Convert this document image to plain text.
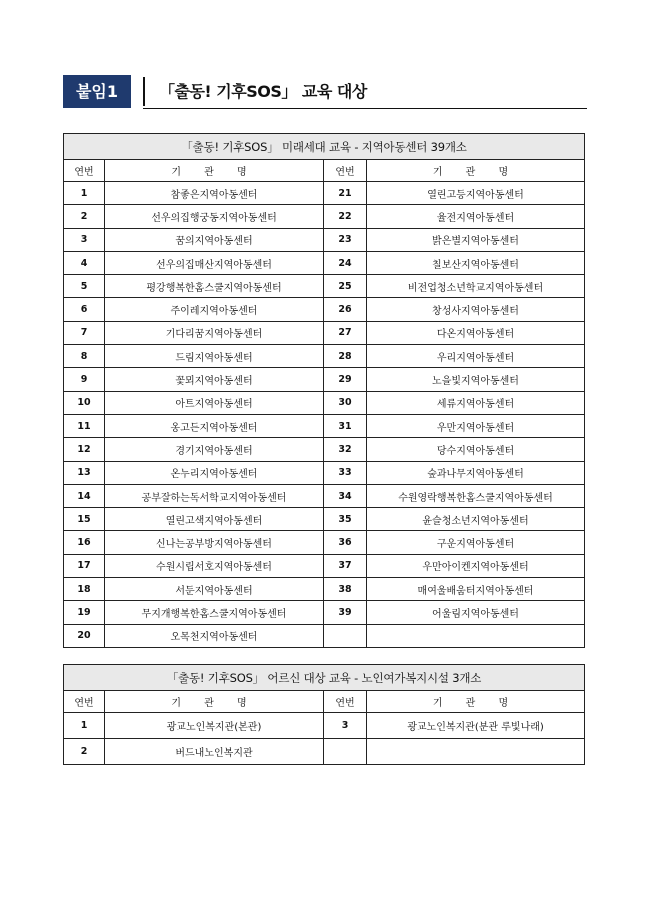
붙임1	「출동! 기후SOS」 교육 대상
「출동! 기후SOS」 미래세대 교육 - 지역아동센터 39개소			
연번	기 관 명	연번	기 관 명
1	참좋은지역아동센터	21	열린고등지역아동센터
2	선우의집행궁동지역아동센터	22	율전지역아동센터
3	꿈의지역아동센터	23	밝은별지역아동센터
4	선우의집매산지역아동센터	24	칠보산지역아동센터
5	평강행복한홈스쿨지역아동센터	25	비전업청소년학교지역아동센터
6	주이레지역아동센터	26	창성사지역아동센터
7	기다리꿈지역아동센터	27	다온지역아동센터
8	드림지역아동센터	28	우리지역아동센터
9	꽃뫼지역아동센터	29	노을빛지역아동센터
10	아트지역아동센터	30	세류지역아동센터
11	옹고든지역아동센터	31	우만지역아동센터
12	경기지역아동센터	32	당수지역아동센터
13	온누리지역아동센터	33	숲과나무지역아동센터
14	공부잘하는독서학교지역아동센터	34	수원영락행복한홈스쿨지역아동센터
15	열린고색지역아동센터	35	윤슬청소년지역아동센터
16	신나는공부방지역아동센터	36	구운지역아동센터
17	수원시립서호지역아동센터	37	우만아이켄지역아동센터
18	서둔지역아동센터	38	매여울배움터지역아동센터
19	무지개행복한홈스쿨지역아동센터	39	어울림지역아동센터
20	오목천지역아동센터		
「출동! 기후SOS」 어르신 대상 교육 - 노인여가복지시설 3개소			
연번	기 관 명	연번	기 관 명
1	광교노인복지관(본관)	3	광교노인복지관(분관 루빛나래)
2	버드내노인복지관		
